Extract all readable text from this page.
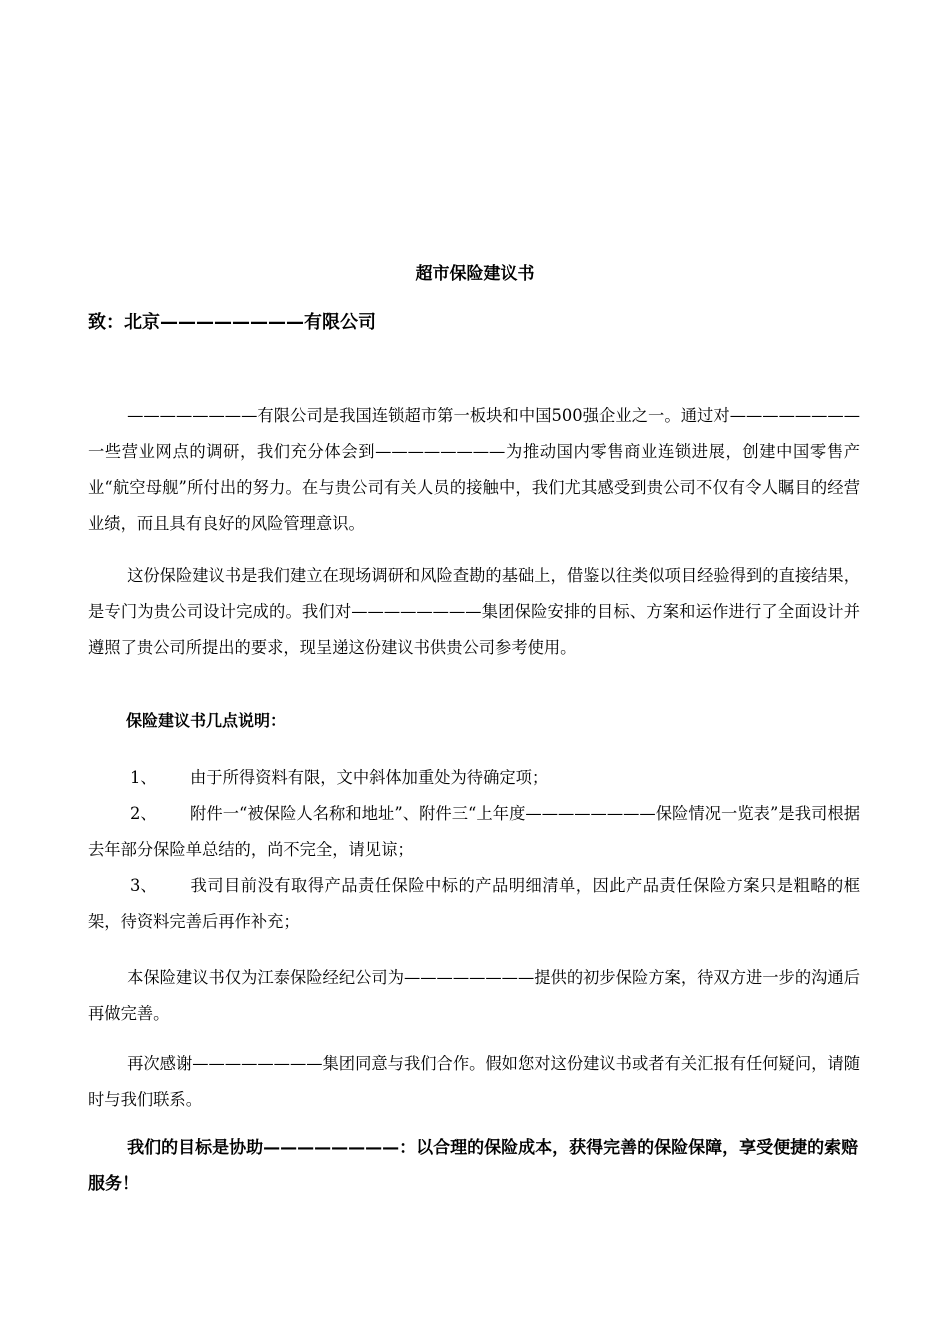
超市保险建议书
致：北京————————有限公司

————————有限公司是我国连锁超市第一板块和中国500强企业之一。通过对————————一些营业网点的调研，我们充分体会到————————为推动国内零售商业连锁进展，创建中国零售产业“航空母舰”所付出的努力。在与贵公司有关人员的接触中，我们尤其感受到贵公司不仅有令人瞩目的经营业绩，而且具有良好的风险管理意识。

这份保险建议书是我们建立在现场调研和风险查勘的基础上，借鉴以往类似项目经验得到的直接结果，是专门为贵公司设计完成的。我们对————————集团保险安排的目标、方案和运作进行了全面设计并遵照了贵公司所提出的要求，现呈递这份建议书供贵公司参考使用。

保险建议书几点说明：

1、 由于所得资料有限，文中斜体加重处为待确定项；

2、 附件一“被保险人名称和地址”、附件三“上年度————————保险情况一览表”是我司根据去年部分保险单总结的，尚不完全，请见谅；

3、 我司目前没有取得产品责任保险中标的产品明细清单，因此产品责任保险方案只是粗略的框架，待资料完善后再作补充；

本保险建议书仅为江泰保险经纪公司为————————提供的初步保险方案，待双方进一步的沟通后再做完善。

再次感谢————————集团同意与我们合作。假如您对这份建议书或者有关汇报有任何疑问，请随时与我们联系。

我们的目标是协助————————：以合理的保险成本，获得完善的保险保障，享受便捷的索赔服务！
